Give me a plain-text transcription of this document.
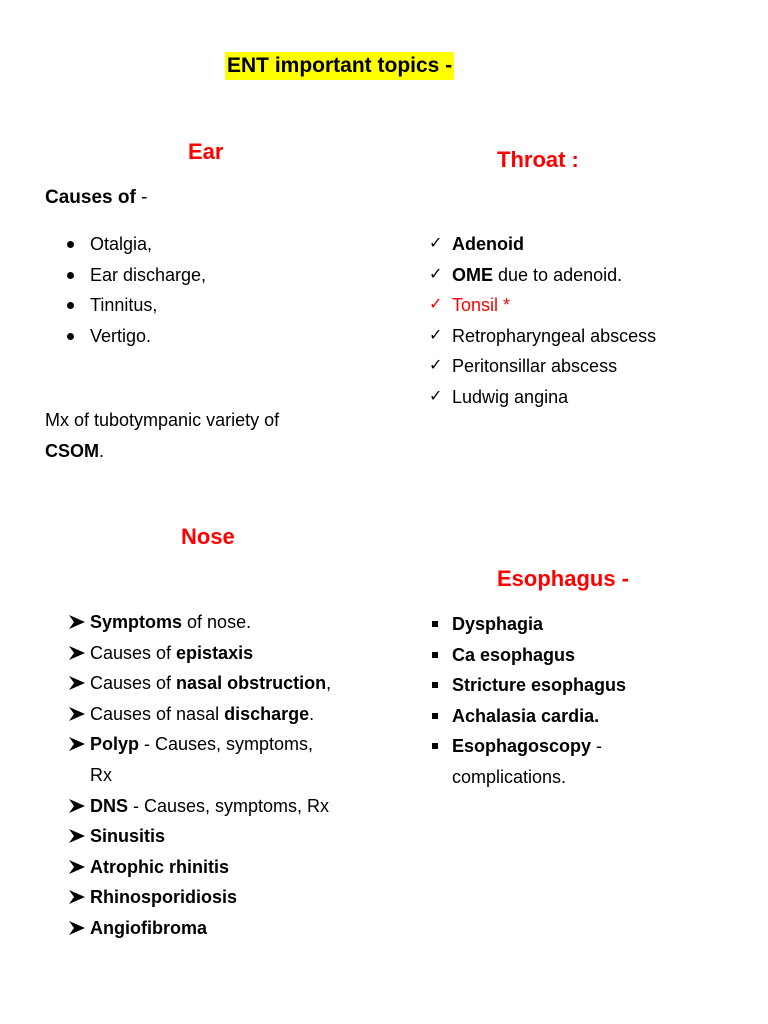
ENT important topics -
Ear
Causes of -
Otalgia,
Ear discharge,
Tinnitus,
Vertigo.
Mx of tubotympanic variety of
CSOM.
Throat :
✓ Adenoid
✓ OME due to adenoid.
✓ Tonsil *
✓ Retropharyngeal abscess
✓ Peritonsillar abscess
✓ Ludwig angina
Nose
Symptoms of nose.
Causes of epistaxis
Causes of nasal obstruction,
Causes of nasal discharge.
Polyp - Causes, symptoms,
Rx
DNS - Causes, symptoms, Rx
Sinusitis
Atrophic rhinitis
Rhinosporidiosis
Angiofibroma
Esophagus -
Dysphagia
Ca esophagus
Stricture esophagus
Achalasia cardia.
Esophagoscopy -
complications.
